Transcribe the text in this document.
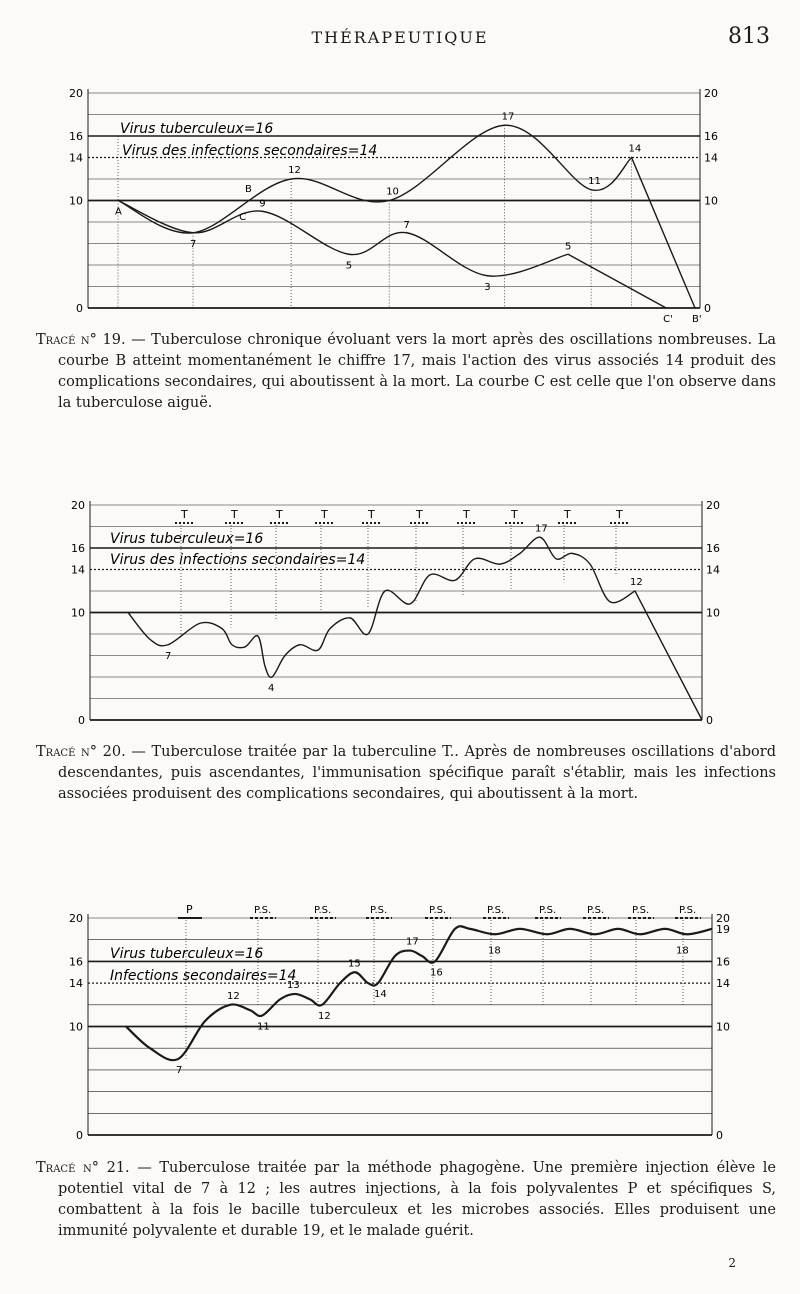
THÉRAPEUTIQUE	813
20
16
14
10
0
20
16
14
10
0
Virus tuberculeux=16
Virus des infections secondaires=14
A
7
12
10
17
11
14
B'
9
5
7
3
5
C'
B
C
Tracé n° 19. — Tuberculose chronique évoluant vers la mort après des oscillations nombreuses. La courbe B atteint momentanément le chiffre 17, mais l'action des virus associés 14 produit des complications secondaires, qui aboutissent à la mort. La courbe C est celle que l'on observe dans la tuberculose aiguë.
20
16
14
10
0
20
16
14
10
0
T	T	T	T	T	T	T	T	T	T
Virus tuberculeux=16
Virus des infections secondaires=14
7
4
17
12
Tracé n° 20. — Tuberculose traitée par la tuberculine T.. Après de nombreuses oscillations d'abord descendantes, puis ascendantes, l'immunisation spécifique paraît s'établir, mais les infections associées produisent des complications secondaires, qui aboutissent à la mort.
20
16
14
10
0
20
19
16
14
10
0
P	P.S.	P.S.	P.S.	P.S.	P.S.	P.S.	P.S.	P.S.	P.S.
Virus tuberculeux=16
Infections secondaires=14
7
12
11
13
12
15
14
17
16
18	18
Tracé n° 21. — Tuberculose traitée par la méthode phagogène. Une première injection élève le potentiel vital de 7 à 12 ; les autres injections, à la fois polyvalentes P et spécifiques S, combattent à la fois le bacille tuberculeux et les microbes associés. Elles produisent une immunité polyvalente et durable 19, et le malade guérit.
2
